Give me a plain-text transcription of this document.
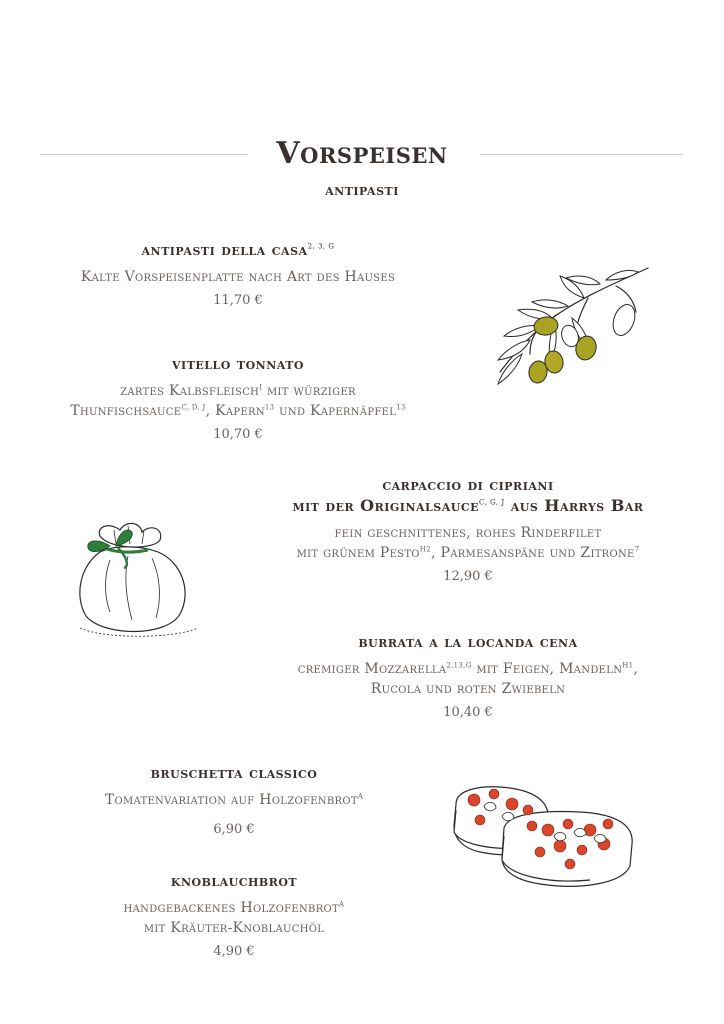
Vorspeisen
antipasti
antipasti della casa$^{2, 3, G}$
Kalte Vorspeisenplatte nach Art des Hauses
11,70 €
vitello tonnato
zartes Kalbsfleisch$^I$ mit würziger
Thunfischsauce$^{C, D, J}$, Kapern$^{13}$ und Kapernäpfel$^{13}$
10,70 €
carpaccio di cipriani
mit der Originalsauce$^{C, G, J}$ aus Harrys Bar
fein geschnittenes, rohes Rinderfilet
mit grünem Pesto$^{H2}$, Parmesanspäne und Zitrone$^7$
12,90 €
burrata a la locanda cena
cremiger Mozzarella$^{2,13,G}$ mit Feigen, Mandeln$^{H1}$,
Rucola und roten Zwiebeln
10,40 €
bruschetta classico
Tomatenvariation auf Holzofenbrot$^A$
6,90 €
knoblauchbrot
handgebackenes Holzofenbrot$^A$
mit Kräuter-Knoblauchöl
4,90 €
